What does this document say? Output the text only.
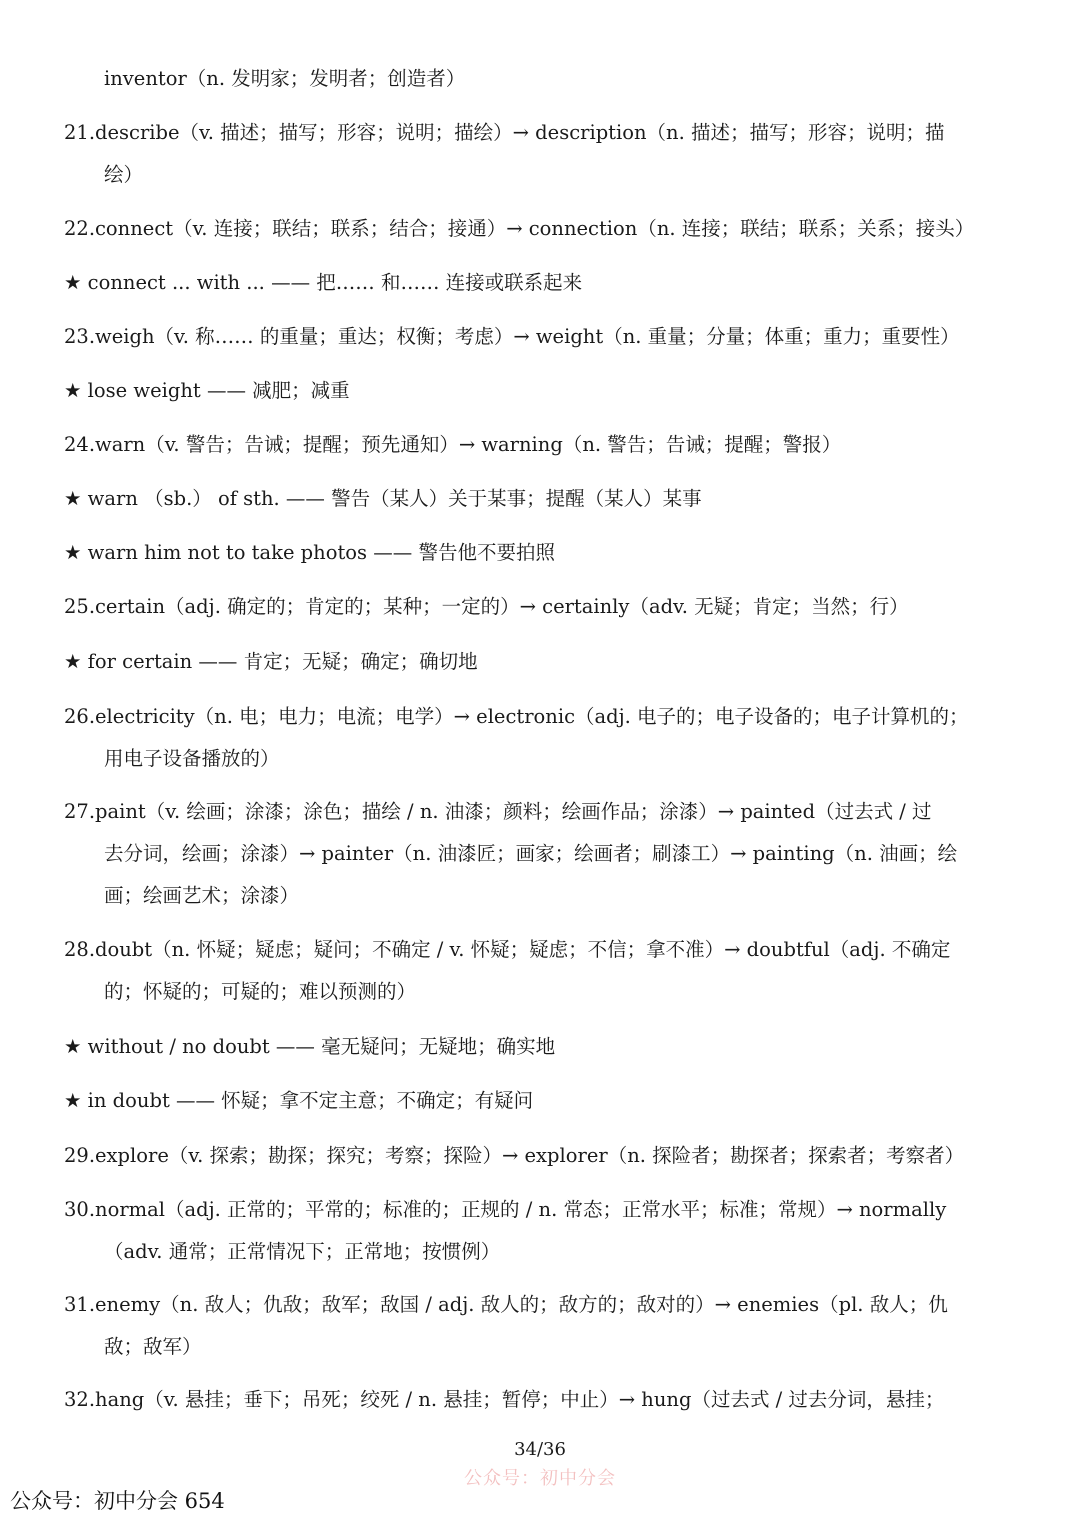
inventor（n. 发明家；发明者；创造者）
21.describe（v. 描述；描写；形容；说明；描绘）→ description（n. 描述；描写；形容；说明；描
绘）
22.connect（v. 连接；联结；联系；结合；接通）→ connection（n. 连接；联结；联系；关系；接头）
★ connect ... with ... —— 把…… 和…… 连接或联系起来
23.weigh（v. 称…… 的重量；重达；权衡；考虑）→ weight（n. 重量；分量；体重；重力；重要性）
★ lose weight —— 减肥；减重
24.warn（v. 警告；告诫；提醒；预先通知）→ warning（n. 警告；告诫；提醒；警报）
★ warn （sb.） of sth. —— 警告（某人）关于某事；提醒（某人）某事
★ warn him not to take photos —— 警告他不要拍照
25.certain（adj. 确定的；肯定的；某种；一定的）→ certainly（adv. 无疑；肯定；当然；行）
★ for certain —— 肯定；无疑；确定；确切地
26.electricity（n. 电；电力；电流；电学）→ electronic（adj. 电子的；电子设备的；电子计算机的；
用电子设备播放的）
27.paint（v. 绘画；涂漆；涂色；描绘 / n. 油漆；颜料；绘画作品；涂漆）→ painted（过去式 / 过
去分词，绘画；涂漆）→ painter（n. 油漆匠；画家；绘画者；刷漆工）→ painting（n. 油画；绘
画；绘画艺术；涂漆）
28.doubt（n. 怀疑；疑虑；疑问；不确定 / v. 怀疑；疑虑；不信；拿不准）→ doubtful（adj. 不确定
的；怀疑的；可疑的；难以预测的）
★ without / no doubt —— 毫无疑问；无疑地；确实地
★ in doubt —— 怀疑；拿不定主意；不确定；有疑问
29.explore（v. 探索；勘探；探究；考察；探险）→ explorer（n. 探险者；勘探者；探索者；考察者）
30.normal（adj. 正常的；平常的；标准的；正规的 / n. 常态；正常水平；标准；常规）→ normally
（adv. 通常；正常情况下；正常地；按惯例）
31.enemy（n. 敌人；仇敌；敌军；敌国 / adj. 敌人的；敌方的；敌对的）→ enemies（pl. 敌人；仇
敌；敌军）
32.hang（v. 悬挂；垂下；吊死；绞死 / n. 悬挂；暂停；中止）→ hung（过去式 / 过去分词，悬挂；
34/36
公众号：初中分会
公众号：初中分会 654
